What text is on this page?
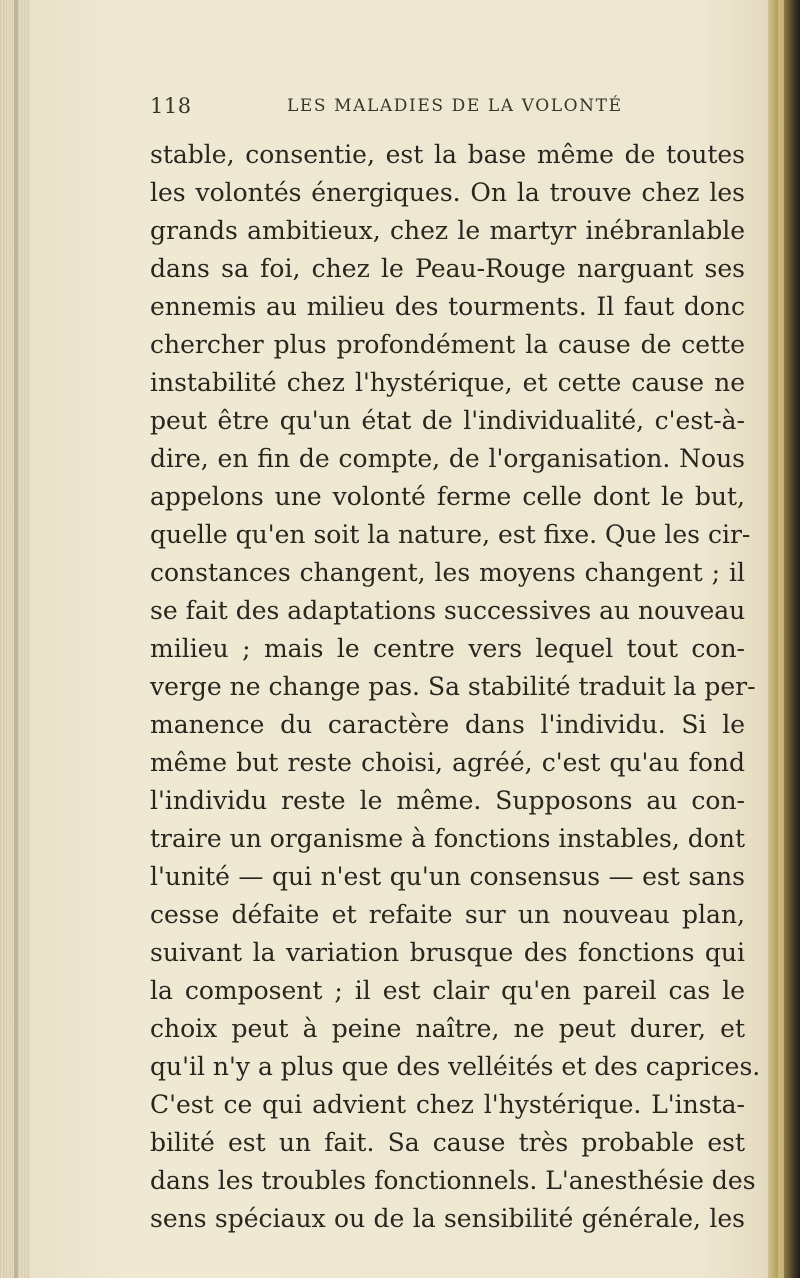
118	LES MALADIES DE LA VOLONTÉ
stable, consentie, est la base même de toutes
les volontés énergiques. On la trouve chez les
grands ambitieux, chez le martyr inébranlable
dans sa foi, chez le Peau-Rouge narguant ses
ennemis au milieu des tourments. Il faut donc
chercher plus profondément la cause de cette
instabilité chez l'hystérique, et cette cause ne
peut être qu'un état de l'individualité, c'est-à-
dire, en fin de compte, de l'organisation. Nous
appelons une volonté ferme celle dont le but,
quelle qu'en soit la nature, est fixe. Que les cir-
constances changent, les moyens changent ; il
se fait des adaptations successives au nouveau
milieu ; mais le centre vers lequel tout con-
verge ne change pas. Sa stabilité traduit la per-
manence du caractère dans l'individu. Si le
même but reste choisi, agréé, c'est qu'au fond
l'individu reste le même. Supposons au con-
traire un organisme à fonctions instables, dont
l'unité — qui n'est qu'un consensus — est sans
cesse défaite et refaite sur un nouveau plan,
suivant la variation brusque des fonctions qui
la composent ; il est clair qu'en pareil cas le
choix peut à peine naître, ne peut durer, et
qu'il n'y a plus que des velléités et des caprices.
C'est ce qui advient chez l'hystérique. L'insta-
bilité est un fait. Sa cause très probable est
dans les troubles fonctionnels. L'anesthésie des
sens spéciaux ou de la sensibilité générale, les
